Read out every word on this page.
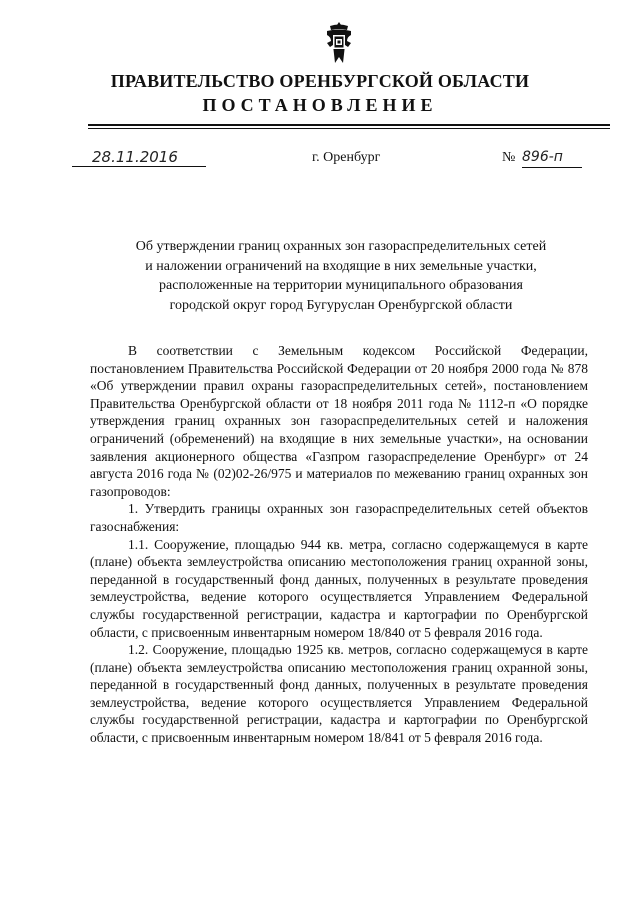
ПРАВИТЕЛЬСТВО ОРЕНБУРГСКОЙ ОБЛАСТИ
ПОСТАНОВЛЕНИЕ
28.11.2016	г. Оренбург	№ 896-п
Об утверждении границ охранных зон газораспределительных сетей
и наложении ограничений на входящие в них земельные участки,
расположенные на территории муниципального образования
городской округ город Бугуруслан Оренбургской области

В соответствии с Земельным кодексом Российской Федерации, постановлением Правительства Российской Федерации от 20 ноября 2000 года № 878 «Об утверждении правил охраны газораспределительных сетей», постановлением Правительства Оренбургской области от 18 ноября 2011 года № 1112-п «О порядке утверждения границ охранных зон газораспределительных сетей и наложения ограничений (обременений) на входящие в них земельные участки», на основании заявления акционерного общества «Газпром газораспределение Оренбург» от 24 августа 2016 года № (02)02-26/975 и материалов по межеванию границ охранных зон газопроводов:

1. Утвердить границы охранных зон газораспределительных сетей объектов газоснабжения:

1.1. Сооружение, площадью 944 кв. метра, согласно содержащемуся в карте (плане) объекта землеустройства описанию местоположения границ охранной зоны, переданной в государственный фонд данных, полученных в результате проведения землеустройства, ведение которого осуществляется Управлением Федеральной службы государственной регистрации, кадастра и картографии по Оренбургской области, с присвоенным инвентарным номером 18/840 от 5 февраля 2016 года.

1.2. Сооружение, площадью 1925 кв. метров, согласно содержащемуся в карте (плане) объекта землеустройства описанию местоположения границ охранной зоны, переданной в государственный фонд данных, полученных в результате проведения землеустройства, ведение которого осуществляется Управлением Федеральной службы государственной регистрации, кадастра и картографии по Оренбургской области, с присвоенным инвентарным номером 18/841 от 5 февраля 2016 года.
